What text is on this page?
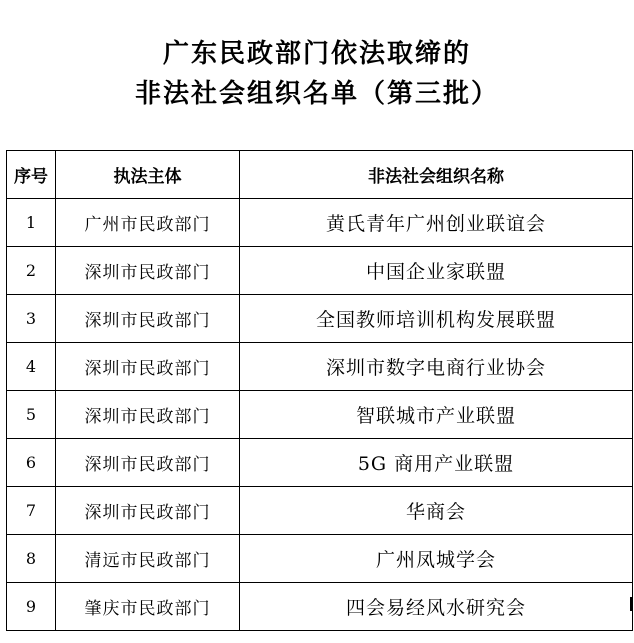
广东民政部门依法取缔的
非法社会组织名单（第三批）
序号	执法主体	非法社会组织名称
1	广州市民政部门	黄氏青年广州创业联谊会
2	深圳市民政部门	中国企业家联盟
3	深圳市民政部门	全国教师培训机构发展联盟
4	深圳市民政部门	深圳市数字电商行业协会
5	深圳市民政部门	智联城市产业联盟
6	深圳市民政部门	5G 商用产业联盟
7	深圳市民政部门	华商会
8	清远市民政部门	广州凤城学会
9	肇庆市民政部门	四会易经风水研究会
